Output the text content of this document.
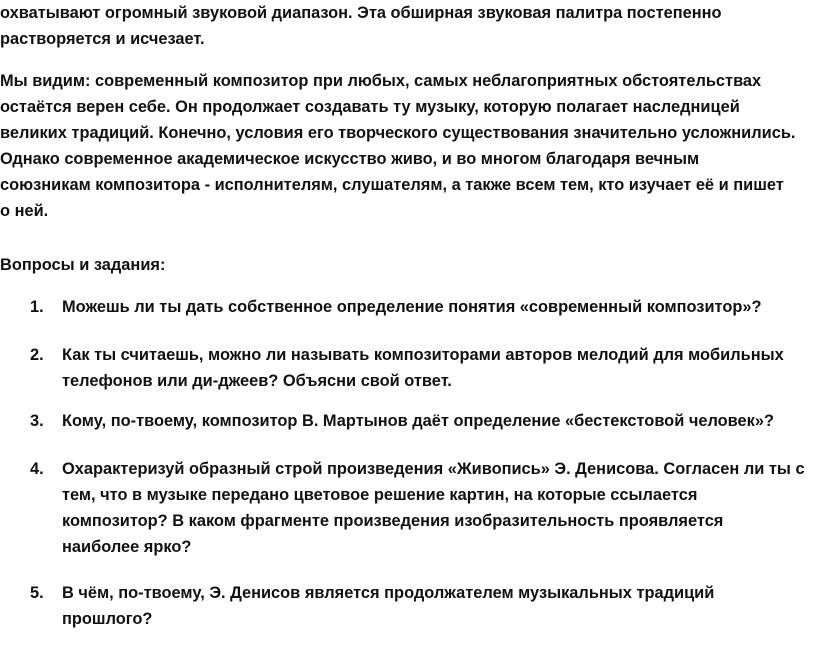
охватывают огромный звуковой диапазон. Эта обширная звуковая палитра постепенно
растворяется и исчезает.
Мы видим: современный композитор при любых, самых неблагоприятных обстоятельствах
остаётся верен себе. Он продолжает создавать ту музыку, которую полагает наследницей
великих традиций. Конечно, условия его творческого существования значительно усложнились.
Однако современное академическое искусство живо, и во многом благодаря вечным
союзникам композитора - исполнителям, слушателям, а также всем тем, кто изучает её и пишет
о ней.
Вопросы и задания:
1. Можешь ли ты дать собственное определение понятия «современный композитор»?
2. Как ты считаешь, можно ли называть композиторами авторов мелодий для мобильных
телефонов или ди-джеев? Объясни свой ответ.
3. Кому, по-твоему, композитор В. Мартынов даёт определение «бестекстовой человек»?
4. Охарактеризуй образный строй произведения «Живопись» Э. Денисова. Согласен ли ты с
тем, что в музыке передано цветовое решение картин, на которые ссылается
композитор? В каком фрагменте произведения изобразительность проявляется
наиболее ярко?
5. В чём, по-твоему, Э. Денисов является продолжателем музыкальных традиций
прошлого?
